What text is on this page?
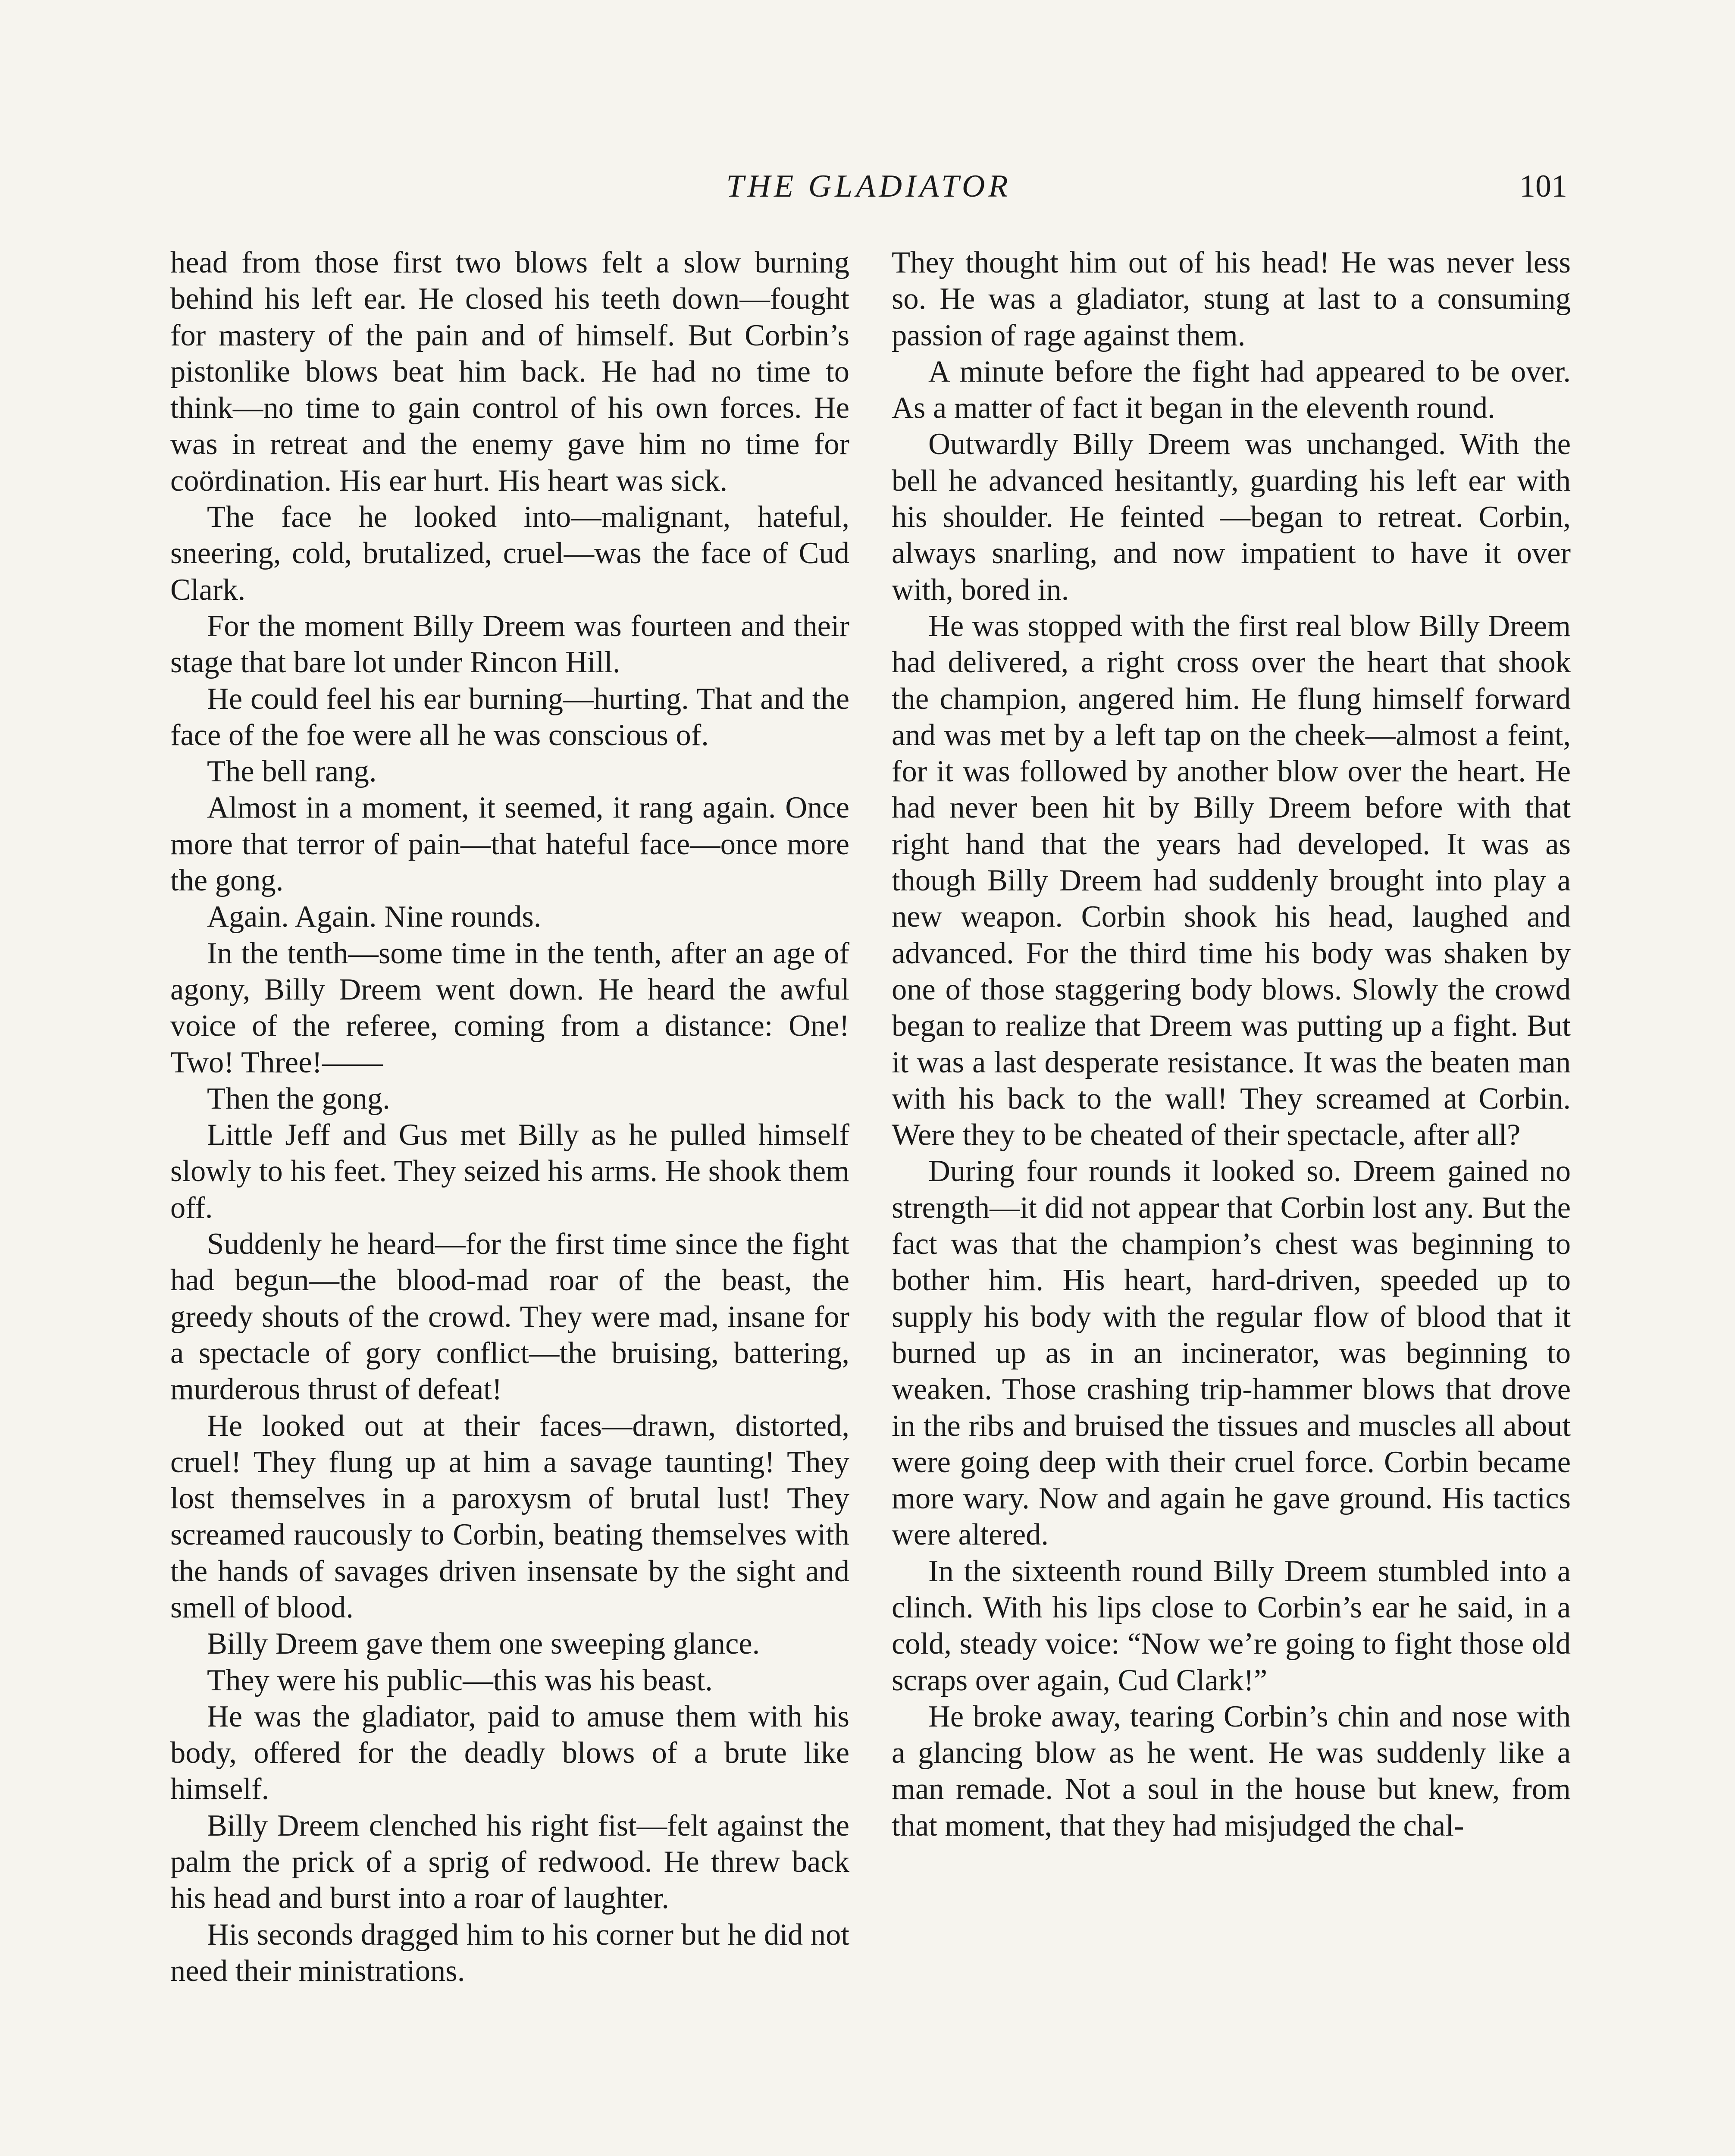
THE GLADIATOR	101

head from those first two blows felt a slow burning behind his left ear. He closed his teeth down—fought for mastery of the pain and of himself. But Corbin’s pistonlike blows beat him back. He had no time to think—no time to gain control of his own forces. He was in retreat and the enemy gave him no time for coördination. His ear hurt. His heart was sick.

The face he looked into—malignant, hateful, sneering, cold, brutalized, cruel—was the face of Cud Clark.

For the moment Billy Dreem was fourteen and their stage that bare lot under Rincon Hill.

He could feel his ear burning—hurting. That and the face of the foe were all he was conscious of.

The bell rang.

Almost in a moment, it seemed, it rang again. Once more that terror of pain—that hateful face—once more the gong.

Again. Again. Nine rounds.

In the tenth—some time in the tenth, after an age of agony, Billy Dreem went down. He heard the awful voice of the referee, coming from a distance: One! Two! Three!——

Then the gong.

Little Jeff and Gus met Billy as he pulled himself slowly to his feet. They seized his arms. He shook them off.

Suddenly he heard—for the first time since the fight had begun—the blood-mad roar of the beast, the greedy shouts of the crowd. They were mad, insane for a spectacle of gory conflict—the bruising, battering, murderous thrust of defeat!

He looked out at their faces—drawn, distorted, cruel! They flung up at him a savage taunting! They lost themselves in a paroxysm of brutal lust! They screamed raucously to Corbin, beating themselves with the hands of savages driven insensate by the sight and smell of blood.

Billy Dreem gave them one sweeping glance.

They were his public—this was his beast.

He was the gladiator, paid to amuse them with his body, offered for the deadly blows of a brute like himself.

Billy Dreem clenched his right fist—felt against the palm the prick of a sprig of redwood. He threw back his head and burst into a roar of laughter.

His seconds dragged him to his corner but he did not need their ministrations.

They thought him out of his head! He was never less so. He was a gladiator, stung at last to a consuming passion of rage against them.

A minute before the fight had appeared to be over. As a matter of fact it began in the eleventh round.

Outwardly Billy Dreem was unchanged. With the bell he advanced hesitantly, guarding his left ear with his shoulder. He feinted —began to retreat. Corbin, always snarling, and now impatient to have it over with, bored in.

He was stopped with the first real blow Billy Dreem had delivered, a right cross over the heart that shook the champion, angered him. He flung himself forward and was met by a left tap on the cheek—almost a feint, for it was followed by another blow over the heart. He had never been hit by Billy Dreem before with that right hand that the years had developed. It was as though Billy Dreem had suddenly brought into play a new weapon. Corbin shook his head, laughed and advanced. For the third time his body was shaken by one of those staggering body blows. Slowly the crowd began to realize that Dreem was putting up a fight. But it was a last desperate resistance. It was the beaten man with his back to the wall! They screamed at Corbin. Were they to be cheated of their spectacle, after all?

During four rounds it looked so. Dreem gained no strength—it did not appear that Corbin lost any. But the fact was that the champion’s chest was beginning to bother him. His heart, hard-driven, speeded up to supply his body with the regular flow of blood that it burned up as in an incinerator, was beginning to weaken. Those crashing trip-hammer blows that drove in the ribs and bruised the tissues and muscles all about were going deep with their cruel force. Corbin became more wary. Now and again he gave ground. His tactics were altered.

In the sixteenth round Billy Dreem stumbled into a clinch. With his lips close to Corbin’s ear he said, in a cold, steady voice: “Now we’re going to fight those old scraps over again, Cud Clark!”

He broke away, tearing Corbin’s chin and nose with a glancing blow as he went. He was suddenly like a man remade. Not a soul in the house but knew, from that moment, that they had misjudged the chal-
